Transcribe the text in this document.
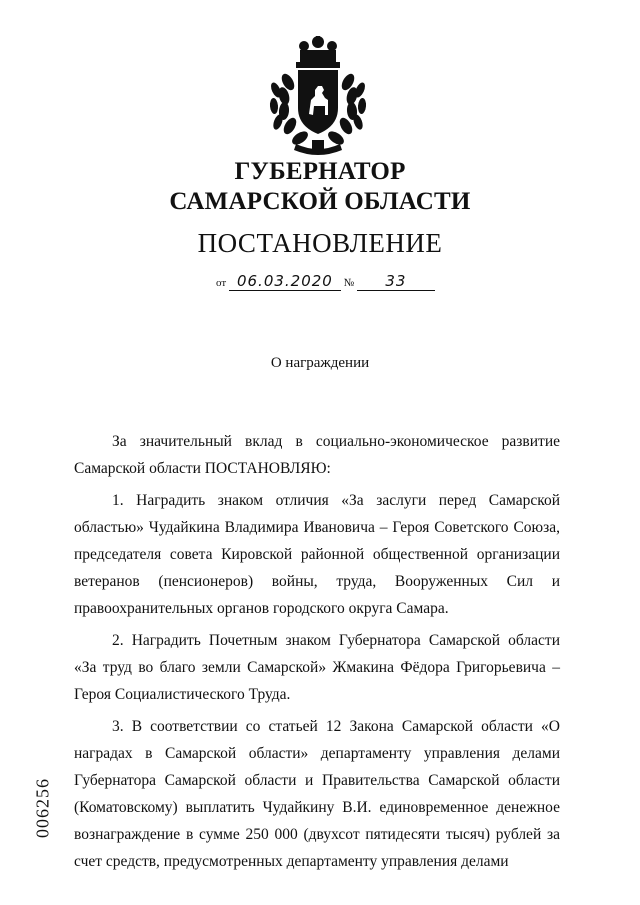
ГУБЕРНАТОР
САМАРСКОЙ ОБЛАСТИ
ПОСТАНОВЛЕНИЕ
от 06.03.2020 № 33
О награждении

За значительный вклад в социально-экономическое развитие Самарской области ПОСТАНОВЛЯЮ:

1. Наградить знаком отличия «За заслуги перед Самарской областью» Чудайкина Владимира Ивановича – Героя Советского Союза, председателя совета Кировской районной общественной организации ветеранов (пенсионеров) войны, труда, Вооруженных Сил и правоохранительных органов городского округа Самара.

2. Наградить Почетным знаком Губернатора Самарской области «За труд во благо земли Самарской» Жмакина Фёдора Григорьевича – Героя Социалистического Труда.

3. В соответствии со статьей 12 Закона Самарской области «О наградах в Самарской области» департаменту управления делами Губернатора Самарской области и Правительства Самарской области (Коматовскому) выплатить Чудайкину В.И. единовременное денежное вознаграждение в сумме 250 000 (двухсот пятидесяти тысяч) рублей за счет средств, предусмотренных департаменту управления делами

006256
